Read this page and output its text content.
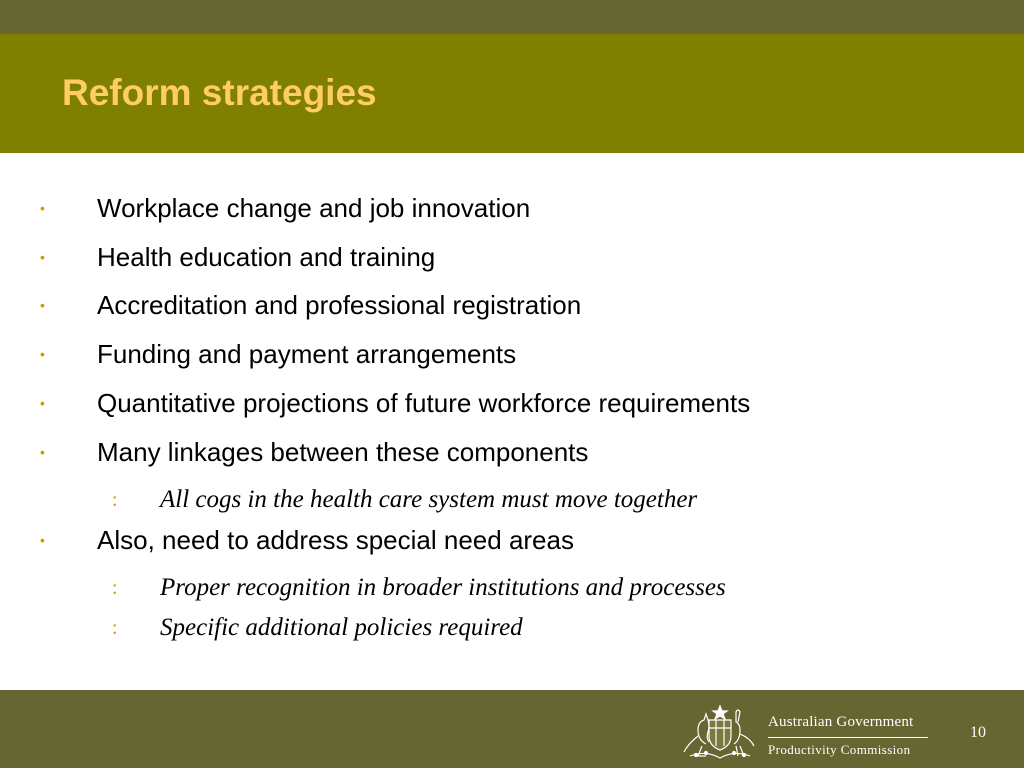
Reform strategies
• Workplace change and job innovation
• Health education and training
• Accreditation and professional registration
• Funding and payment arrangements
• Quantitative projections of future workforce requirements
• Many linkages between these components
: All cogs in the health care system must move together
• Also, need to address special need areas
: Proper recognition in broader institutions and processes
: Specific additional policies required
Australian Government
Productivity Commission
10
